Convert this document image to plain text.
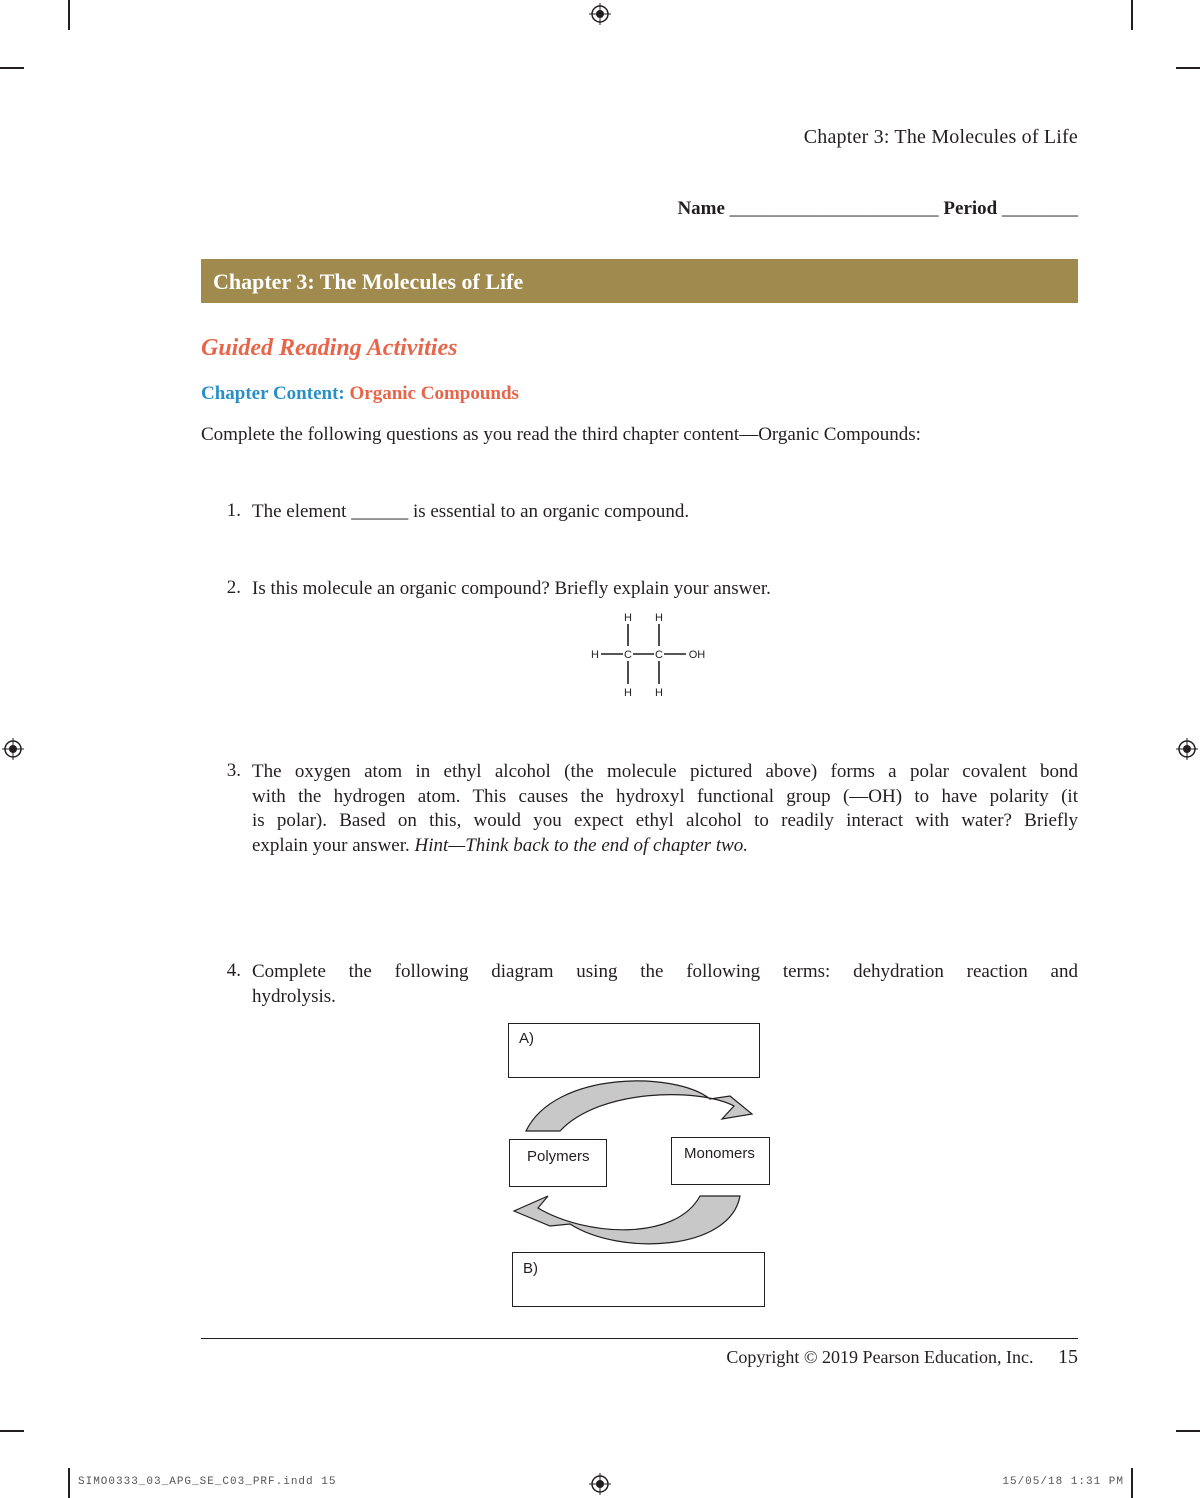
Chapter 3: The Molecules of Life
Name ______________________ Period ________
Chapter 3: The Molecules of Life
Guided Reading Activities
Chapter Content: Organic Compounds
Complete the following questions as you read the third chapter content—Organic Compounds:
1. The element ______ is essential to an organic compound.
2. Is this molecule an organic compound? Briefly explain your answer.
H H
H C C OH
H H
3. The oxygen atom in ethyl alcohol (the molecule pictured above) forms a polar covalent bond
with the hydrogen atom. This causes the hydroxyl functional group (—OH) to have polarity (it
is polar). Based on this, would you expect ethyl alcohol to readily interact with water? Briefly
explain your answer. Hint—Think back to the end of chapter two.
4. Complete the following diagram using the following terms: dehydration reaction and
hydrolysis.
A)
Polymers	Monomers
B)
Copyright © 2019 Pearson Education, Inc. 15
SIMO0333_03_APG_SE_C03_PRF.indd 15	15/05/18 1:31 PM
